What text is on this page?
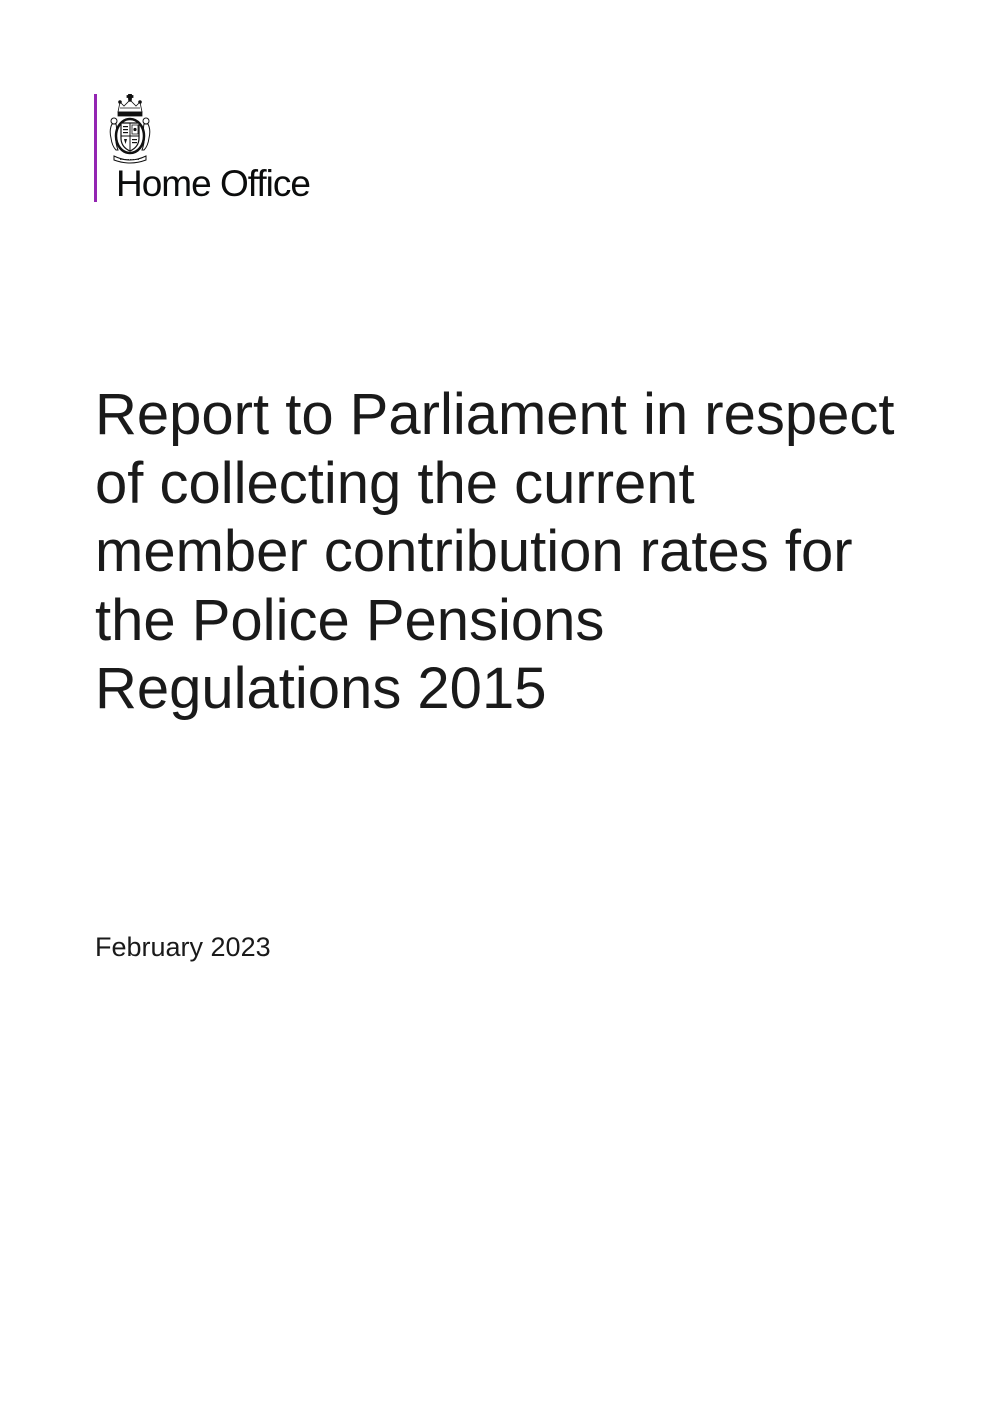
Home Office
Report to Parliament in respect of collecting the current member contribution rates for the Police Pensions Regulations 2015
February 2023
